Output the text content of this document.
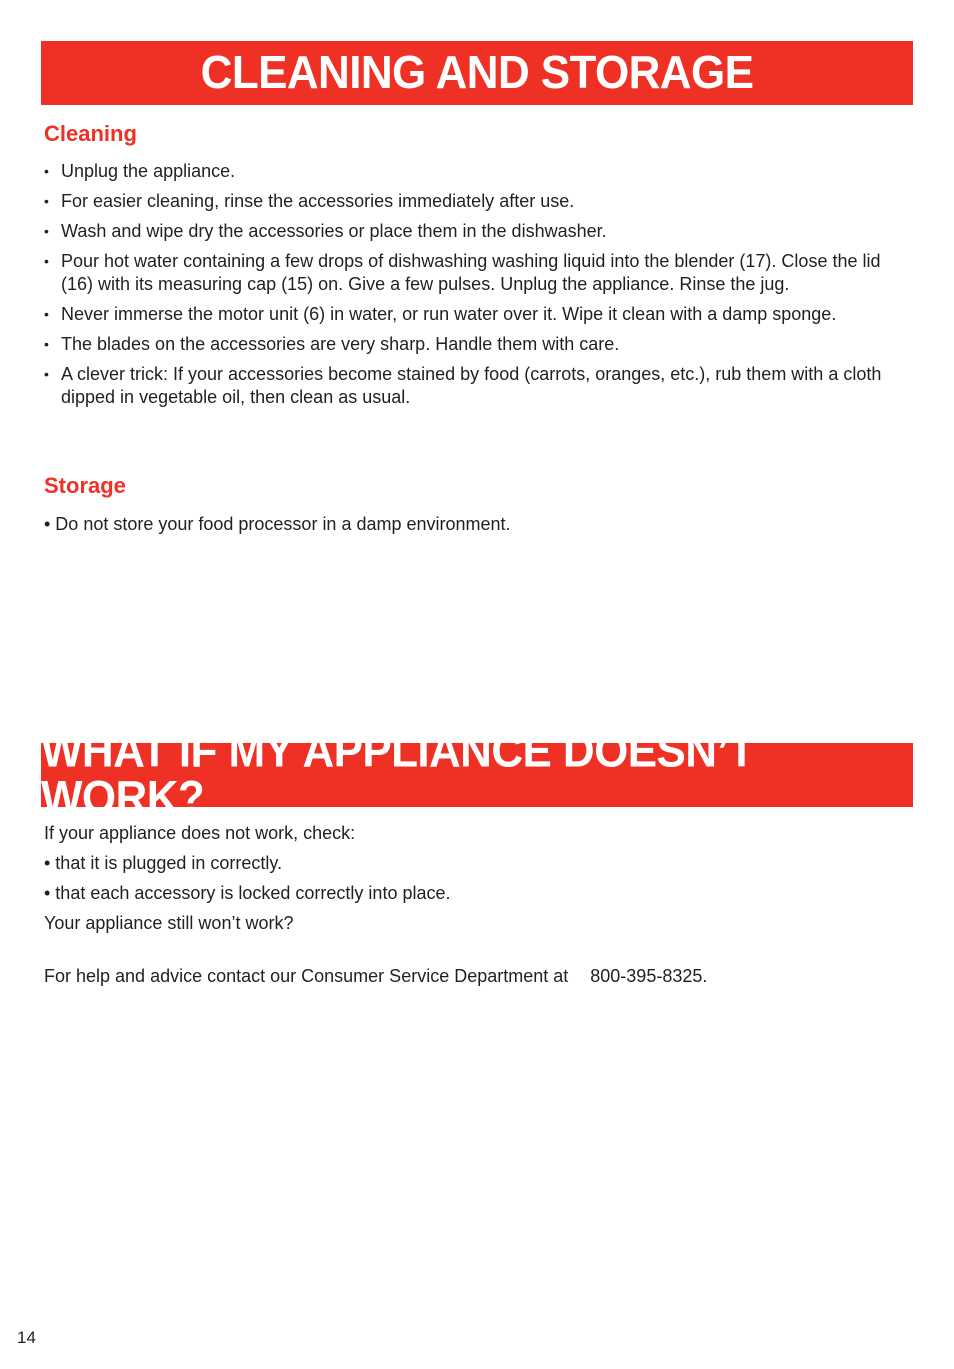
CLEANING AND STORAGE
Cleaning
• Unplug the appliance.
• For easier cleaning, rinse the accessories immediately after use.
• Wash and wipe dry the accessories or place them in the dishwasher.
• Pour hot water containing a few drops of dishwashing washing liquid into the blender (17). Close the lid (16) with its measuring cap (15) on. Give a few pulses. Unplug the appliance. Rinse the jug.
• Never immerse the motor unit (6) in water, or run water over it. Wipe it clean with a damp sponge.
• The blades on the accessories are very sharp. Handle them with care.
• A clever trick: If your accessories become stained by food (carrots, oranges, etc.), rub them with a cloth dipped in vegetable oil, then clean as usual.
Storage

• Do not store your food processor in a damp environment.

WHAT IF MY APPLIANCE DOESN’T WORK?

If your appliance does not work, check:

• that it is plugged in correctly.

• that each accessory is locked correctly into place.

Your appliance still won’t work?

For help and advice contact our Consumer Service Department at 800-395-8325.

14
